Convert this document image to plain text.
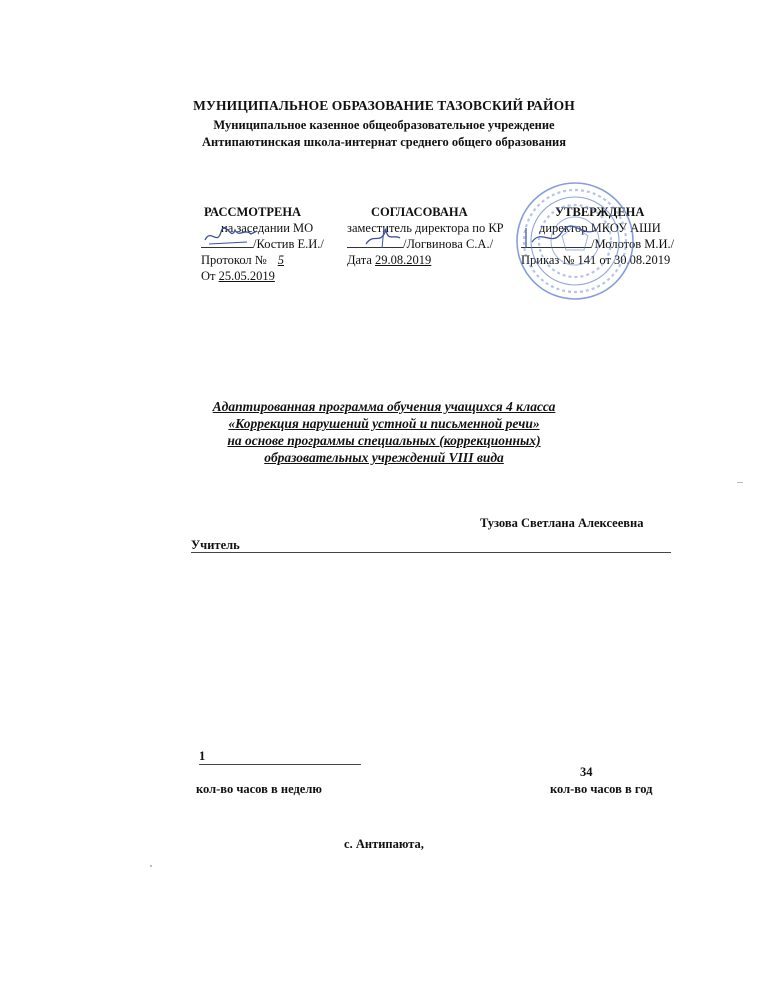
МУНИЦИПАЛЬНОЕ ОБРАЗОВАНИЕ ТАЗОВСКИЙ РАЙОН
Муниципальное казенное общеобразовательное учреждение
Антипаютинская школа-интернат среднего общего образования
РАССМОТРЕНА
на заседании МО
/Костив Е.И./
Протокол № 5
От 25.05.2019
СОГЛАСОВАНА
заместитель директора по КР
/Логвинова С.А./
Дата 29.08.2019
УТВЕРЖДЕНА
директор МКОУ АШИ
/Молотов М.И./
Приказ № 141 от 30.08.2019
Адаптированная программа обучения учащихся 4 класса
«Коррекция нарушений устной и письменной речи»
на основе программы специальных (коррекционных)
образовательных учреждений VIII вида
Тузова Светлана Алексеевна
Учитель
1
кол-во часов в неделю
34
кол-во часов в год
с. Антипаюта,
